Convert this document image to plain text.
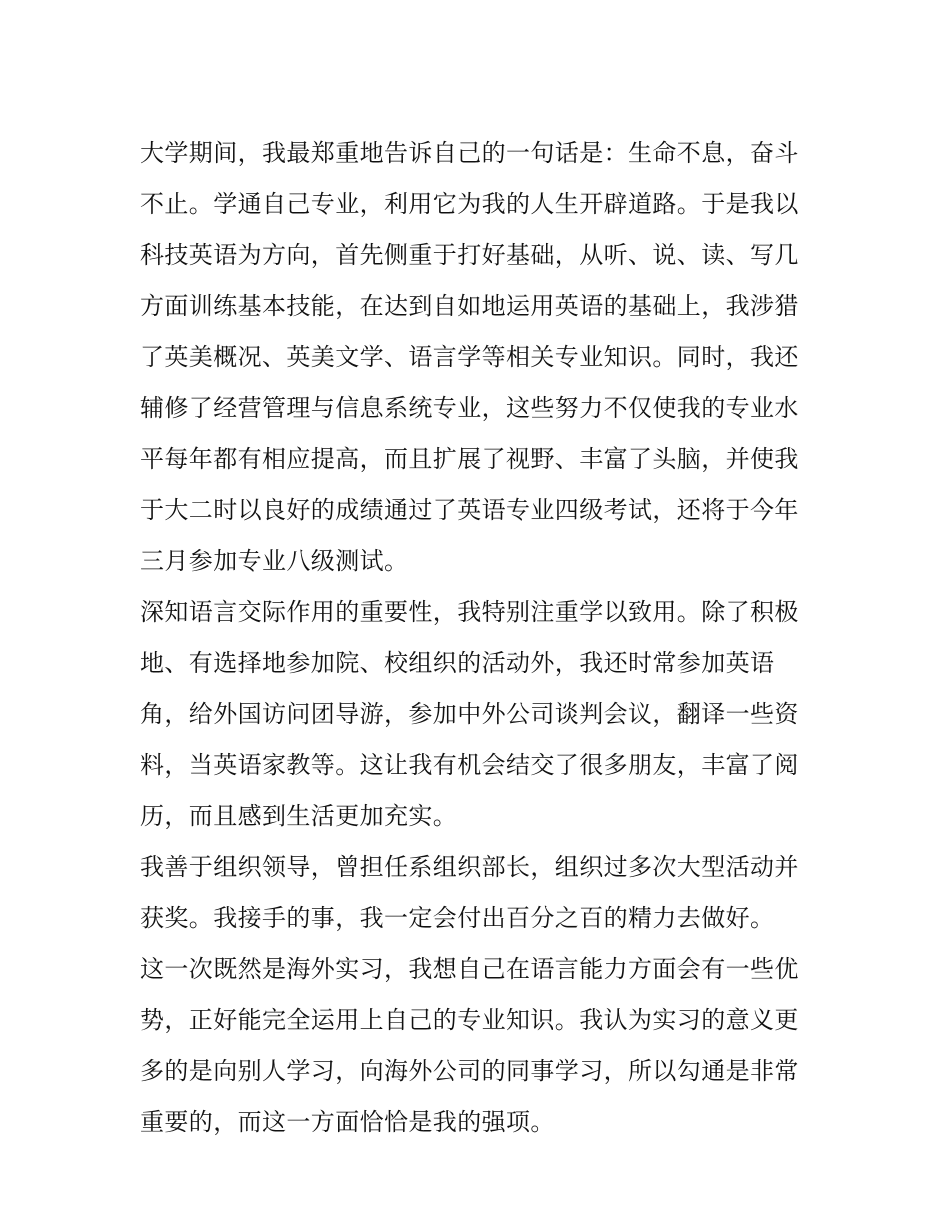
大学期间，我最郑重地告诉自己的一句话是：生命不息，奋斗
不止。学通自己专业，利用它为我的人生开辟道路。于是我以
科技英语为方向，首先侧重于打好基础，从听、说、读、写几
方面训练基本技能，在达到自如地运用英语的基础上，我涉猎
了英美概况、英美文学、语言学等相关专业知识。同时，我还
辅修了经营管理与信息系统专业，这些努力不仅使我的专业水
平每年都有相应提高，而且扩展了视野、丰富了头脑，并使我
于大二时以良好的成绩通过了英语专业四级考试，还将于今年
三月参加专业八级测试。
深知语言交际作用的重要性，我特别注重学以致用。除了积极
地、有选择地参加院、校组织的活动外，我还时常参加英语
角，给外国访问团导游，参加中外公司谈判会议，翻译一些资
料，当英语家教等。这让我有机会结交了很多朋友，丰富了阅
历，而且感到生活更加充实。
我善于组织领导，曾担任系组织部长，组织过多次大型活动并
获奖。我接手的事，我一定会付出百分之百的精力去做好。
这一次既然是海外实习，我想自己在语言能力方面会有一些优
势，正好能完全运用上自己的专业知识。我认为实习的意义更
多的是向别人学习，向海外公司的同事学习，所以勾通是非常
重要的，而这一方面恰恰是我的强项。
